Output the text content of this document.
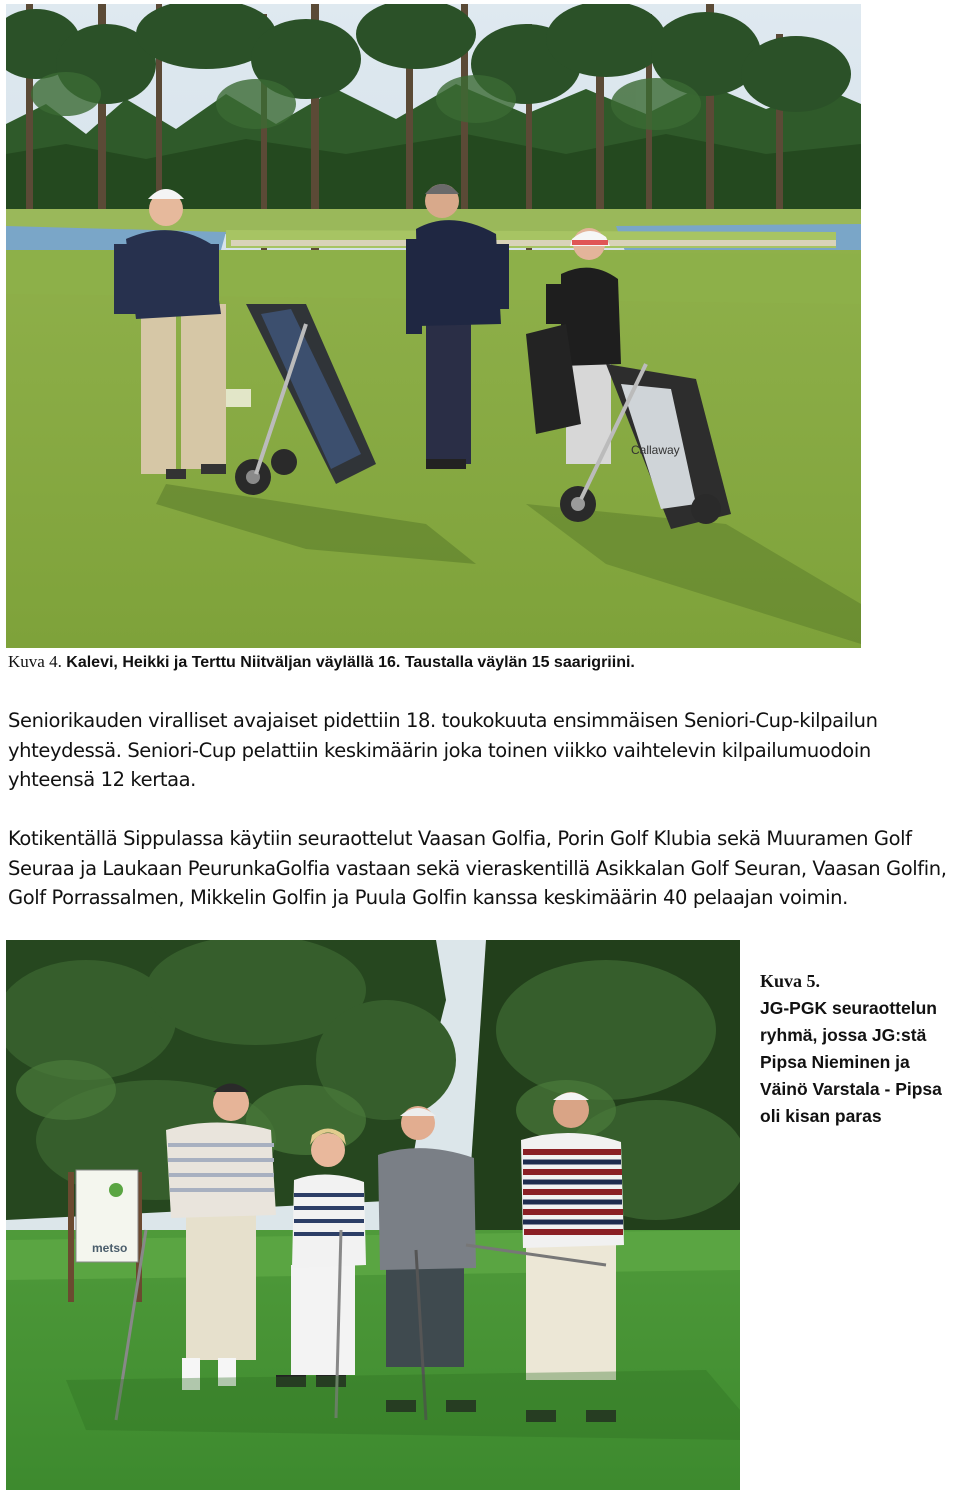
Callaway
Kuva 4. Kalevi, Heikki ja Terttu Niitväljan väylällä 16. Taustalla väylän 15 saarigriini.
Seniorikauden viralliset avajaiset pidettiin 18. toukokuuta ensimmäisen Seniori-Cup-kilpailun yhteydessä. Seniori-Cup pelattiin keskimäärin joka toinen viikko vaihtelevin kilpailumuodoin yhteensä 12 kertaa.
Kotikentällä Sippulassa käytiin seuraottelut Vaasan Golfia, Porin Golf Klubia sekä Muuramen Golf Seuraa ja Laukaan PeurunkaGolfia vastaan sekä vieraskentillä Asikkalan Golf Seuran, Vaasan Golfin, Golf Porrassalmen, Mikkelin Golfin ja Puula Golfin kanssa keskimäärin 40 pelaajan voimin.
metso
Kuva 5.
JG-PGK seuraottelun ryhmä, jossa JG:stä Pipsa Nieminen ja Väinö Varstala - Pipsa oli kisan paras
